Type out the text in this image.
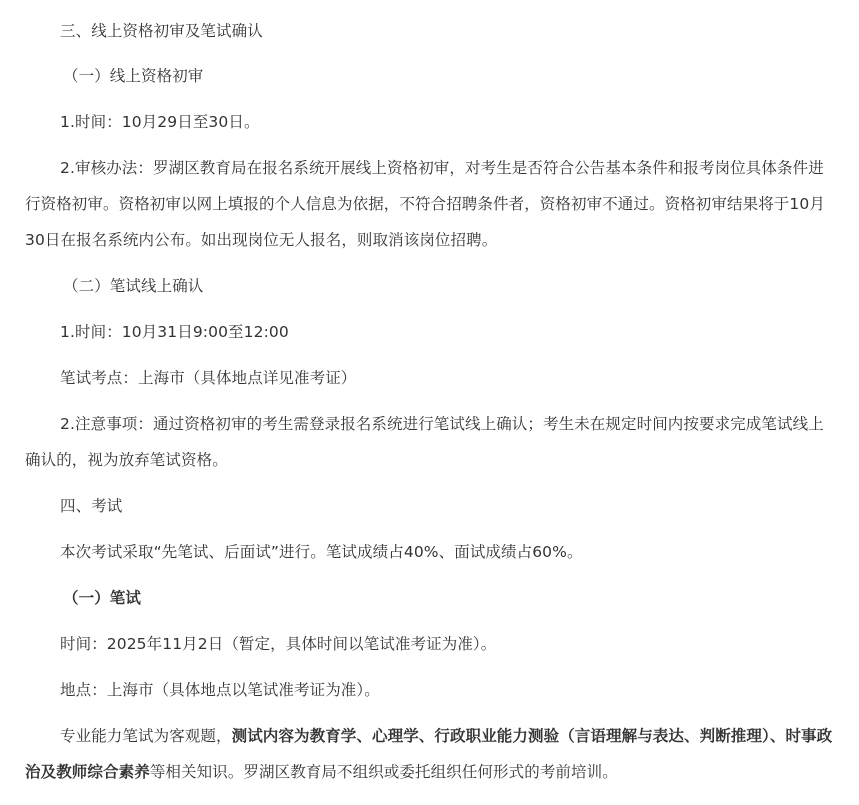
三、线上资格初审及笔试确认

（一）线上资格初审

1.时间：10月29日至30日。

2.审核办法：罗湖区教育局在报名系统开展线上资格初审，对考生是否符合公告基本条件和报考岗位具体条件进行资格初审。资格初审以网上填报的个人信息为依据，不符合招聘条件者，资格初审不通过。资格初审结果将于10月30日在报名系统内公布。如出现岗位无人报名，则取消该岗位招聘。

（二）笔试线上确认

1.时间：10月31日9:00至12:00

笔试考点：上海市（具体地点详见准考证）

2.注意事项：通过资格初审的考生需登录报名系统进行笔试线上确认；考生未在规定时间内按要求完成笔试线上确认的，视为放弃笔试资格。

四、考试

本次考试采取“先笔试、后面试”进行。笔试成绩占40%、面试成绩占60%。

（一）笔试

时间：2025年11月2日（暂定，具体时间以笔试准考证为准）。

地点：上海市（具体地点以笔试准考证为准）。

专业能力笔试为客观题，测试内容为教育学、心理学、行政职业能力测验（言语理解与表达、判断推理）、时事政治及教师综合素养等相关知识。罗湖区教育局不组织或委托组织任何形式的考前培训。
